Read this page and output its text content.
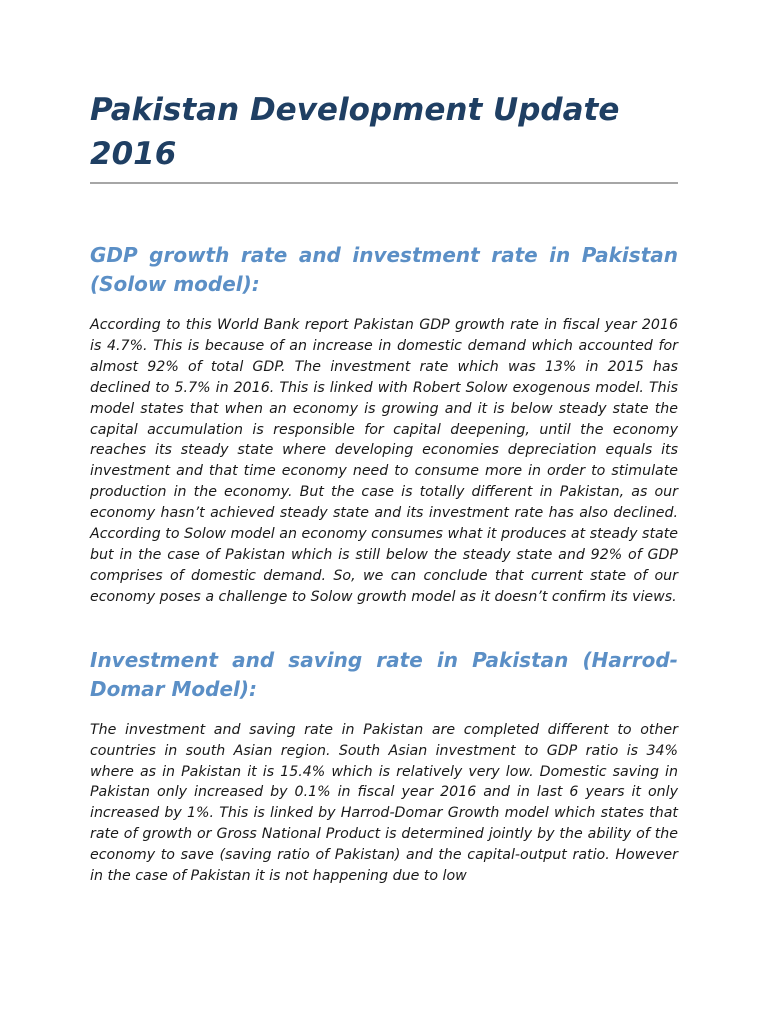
Pakistan Development Update 2016
GDP growth rate and investment rate in Pakistan (Solow model):

According to this World Bank report Pakistan GDP growth rate in fiscal year 2016 is 4.7%. This is because of an increase in domestic demand which accounted for almost 92% of total GDP. The investment rate which was 13% in 2015 has declined to 5.7% in 2016. This is linked with Robert Solow exogenous model. This model states that when an economy is growing and it is below steady state the capital accumulation is responsible for capital deepening, until the economy reaches its steady state where developing economies depreciation equals its investment and that time economy need to consume more in order to stimulate production in the economy. But the case is totally different in Pakistan, as our economy hasn’t achieved steady state and its investment rate has also declined. According to Solow model an economy consumes what it produces at steady state but in the case of Pakistan which is still below the steady state and 92% of GDP comprises of domestic demand. So, we can conclude that current state of our economy poses a challenge to Solow growth model as it doesn’t confirm its views.

Investment and saving rate in Pakistan (Harrod-Domar Model):

The investment and saving rate in Pakistan are completed different to other countries in south Asian region. South Asian investment to GDP ratio is 34% where as in Pakistan it is 15.4% which is relatively very low. Domestic saving in Pakistan only increased by 0.1% in fiscal year 2016 and in last 6 years it only increased by 1%. This is linked by Harrod-Domar Growth model which states that rate of growth or Gross National Product is determined jointly by the ability of the economy to save (saving ratio of Pakistan) and the capital-output ratio. However in the case of Pakistan it is not happening due to low
